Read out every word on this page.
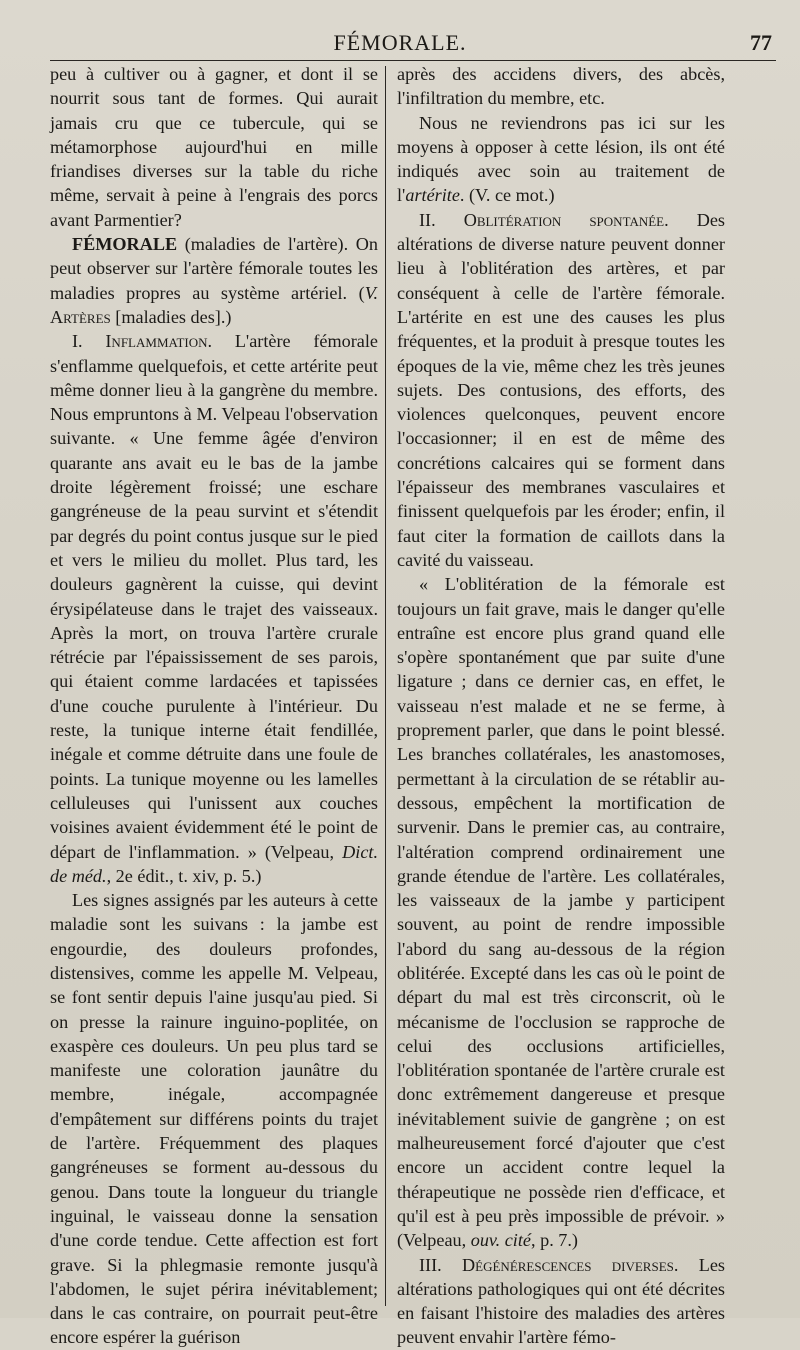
FÉMORALE.	77

peu à cultiver ou à gagner, et dont il se nourrit sous tant de formes. Qui aurait jamais cru que ce tubercule, qui se métamorphose aujourd'hui en mille friandises diverses sur la table du riche même, servait à peine à l'engrais des porcs avant Parmentier?

FÉMORALE (maladies de l'artère). On peut observer sur l'artère fémorale toutes les maladies propres au système artériel. (V. Artères [maladies des].)

I. Inflammation. L'artère fémorale s'enflamme quelquefois, et cette artérite peut même donner lieu à la gangrène du membre. Nous empruntons à M. Velpeau l'observation suivante. « Une femme âgée d'environ quarante ans avait eu le bas de la jambe droite légèrement froissé; une eschare gangréneuse de la peau survint et s'étendit par degrés du point contus jusque sur le pied et vers le milieu du mollet. Plus tard, les douleurs gagnèrent la cuisse, qui devint érysipélateuse dans le trajet des vaisseaux. Après la mort, on trouva l'artère crurale rétrécie par l'épaississement de ses parois, qui étaient comme lardacées et tapissées d'une couche purulente à l'intérieur. Du reste, la tunique interne était fendillée, inégale et comme détruite dans une foule de points. La tunique moyenne ou les lamelles celluleuses qui l'unissent aux couches voisines avaient évidemment été le point de départ de l'inflammation. » (Velpeau, Dict. de méd., 2e édit., t. xiv, p. 5.)

Les signes assignés par les auteurs à cette maladie sont les suivans : la jambe est engourdie, des douleurs profondes, distensives, comme les appelle M. Velpeau, se font sentir depuis l'aine jusqu'au pied. Si on presse la rainure inguino-poplitée, on exaspère ces douleurs. Un peu plus tard se manifeste une coloration jaunâtre du membre, inégale, accompagnée d'empâtement sur différens points du trajet de l'artère. Fréquemment des plaques gangréneuses se forment au-dessous du genou. Dans toute la longueur du triangle inguinal, le vaisseau donne la sensation d'une corde tendue. Cette affection est fort grave. Si la phlegmasie remonte jusqu'à l'abdomen, le sujet périra inévitablement; dans le cas contraire, on pourrait peut-être encore espérer la guérison

après des accidens divers, des abcès, l'infiltration du membre, etc.

Nous ne reviendrons pas ici sur les moyens à opposer à cette lésion, ils ont été indiqués avec soin au traitement de l'artérite. (V. ce mot.)

II. Oblitération spontanée. Des altérations de diverse nature peuvent donner lieu à l'oblitération des artères, et par conséquent à celle de l'artère fémorale. L'artérite en est une des causes les plus fréquentes, et la produit à presque toutes les époques de la vie, même chez les très jeunes sujets. Des contusions, des efforts, des violences quelconques, peuvent encore l'occasionner; il en est de même des concrétions calcaires qui se forment dans l'épaisseur des membranes vasculaires et finissent quelquefois par les éroder; enfin, il faut citer la formation de caillots dans la cavité du vaisseau.

« L'oblitération de la fémorale est toujours un fait grave, mais le danger qu'elle entraîne est encore plus grand quand elle s'opère spontanément que par suite d'une ligature ; dans ce dernier cas, en effet, le vaisseau n'est malade et ne se ferme, à proprement parler, que dans le point blessé. Les branches collatérales, les anastomoses, permettant à la circulation de se rétablir au-dessous, empêchent la mortification de survenir. Dans le premier cas, au contraire, l'altération comprend ordinairement une grande étendue de l'artère. Les collatérales, les vaisseaux de la jambe y participent souvent, au point de rendre impossible l'abord du sang au-dessous de la région oblitérée. Excepté dans les cas où le point de départ du mal est très circonscrit, où le mécanisme de l'occlusion se rapproche de celui des occlusions artificielles, l'oblitération spontanée de l'artère crurale est donc extrêmement dangereuse et presque inévitablement suivie de gangrène ; on est malheureusement forcé d'ajouter que c'est encore un accident contre lequel la thérapeutique ne possède rien d'efficace, et qu'il est à peu près impossible de prévoir. » (Velpeau, ouv. cité, p. 7.)

III. Dégénérescences diverses. Les altérations pathologiques qui ont été décrites en faisant l'histoire des maladies des artères peuvent envahir l'artère fémo-
